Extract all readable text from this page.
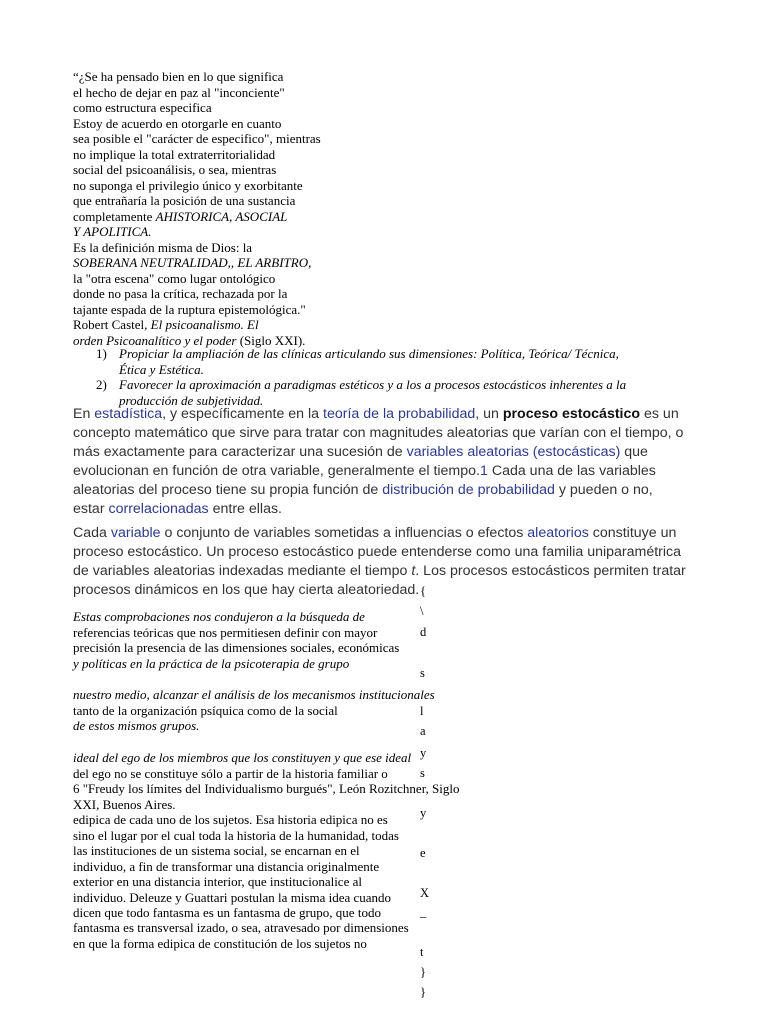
“¿Se ha pensado bien en lo que significa
el hecho de dejar en paz al "inconciente"
como estructura especifica
Estoy de acuerdo en otorgarle en cuanto
sea posible el "carácter de especifico", mientras
no implique la total extraterritorialidad
social del psicoanálisis, o sea, mientras
no suponga el privilegio único y exorbitante
que entrañaría la posición de una sustancia
completamente AHISTORICA, ASOCIAL
Y APOLITICA.
Es la definición misma de Dios: la
SOBERANA NEUTRALIDAD,, EL ARBITRO,
la "otra escena" como lugar ontológico
donde no pasa la crítica, rechazada por la
tajante espada de la ruptura epistemológica."
Robert Castel, El psicoanalismo. El
orden Psicoanalítico y el poder (Siglo XXI).
1) Propiciar la ampliación de las clínicas articulando sus dimensiones: Política, Teórica/ Técnica,
Ética y Estética.
2) Favorecer la aproximación a paradigmas estéticos y a los a procesos estocásticos inherentes a la
producción de subjetividad.
En estadística, y específicamente en la teoría de la probabilidad, un proceso estocástico es un
concepto matemático que sirve para tratar con magnitudes aleatorias que varían con el tiempo, o
más exactamente para caracterizar una sucesión de variables aleatorias (estocásticas) que
evolucionan en función de otra variable, generalmente el tiempo.1 Cada una de las variables
aleatorias del proceso tiene su propia función de distribución de probabilidad y pueden o no,
estar correlacionadas entre ellas.
Cada variable o conjunto de variables sometidas a influencias o efectos aleatorios constituye un
proceso estocástico. Un proceso estocástico puede entenderse como una familia uniparamétrica
de variables aleatorias indexadas mediante el tiempo t. Los procesos estocásticos permiten tratar
procesos dinámicos en los que hay cierta aleatoriedad. {
\
d
s
l
a
y
s
y
e
X
_
t
}
}
Estas comprobaciones nos condujeron a la búsqueda de
referencias teóricas que nos permitiesen definir con mayor
precisión la presencia de las dimensiones sociales, económicas
y políticas en la práctica de la psicoterapia de grupo
nuestro medio, alcanzar el análisis de los mecanismos institucionales
tanto de la organización psíquica como de la social
de estos mismos grupos.
ideal del ego de los miembros que los constituyen y que ese ideal
del ego no se constituye sólo a partir de la historia familiar o
6 "Freudy los límites del Individualismo burgués", León Rozitchner, Siglo
XXI, Buenos Aires.
edipica de cada uno de los sujetos. Esa historia edipica no es
sino el lugar por el cual toda la historia de la humanidad, todas
las instituciones de un sistema social, se encarnan en el
individuo, a fin de transformar una distancia originalmente
exterior en una distancia interior, que institucionalice al
individuo. Deleuze y Guattari postulan la misma idea cuando
dicen que todo fantasma es un fantasma de grupo, que todo
fantasma es transversal izado, o sea, atravesado por dimensiones
en que la forma edipica de constitución de los sujetos no
